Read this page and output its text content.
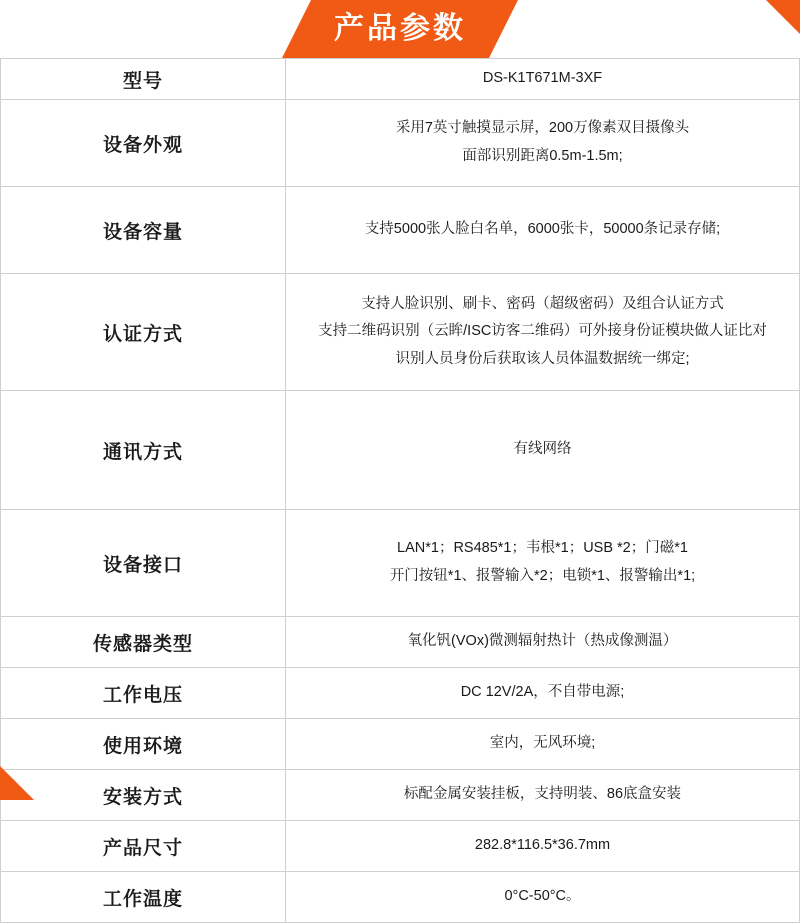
产品参数
型号	DS-K1T671M-3XF

设备外观	采用7英寸触摸显示屏，200万像素双目摄像头
面部识别距离0.5m-1.5m;

设备容量	支持5000张人脸白名单，6000张卡，50000条记录存储;

认证方式	支持人脸识别、刷卡、密码（超级密码）及组合认证方式
支持二维码识别（云眸/ISC访客二维码）可外接身份证模块做人证比对
识别人员身份后获取该人员体温数据统一绑定;

通讯方式	有线网络

设备接口	LAN*1；RS485*1；韦根*1；USB *2；门磁*1
开门按钮*1、报警输入*2；电锁*1、报警输出*1;

传感器类型	氧化钒(VOx)微测辐射热计（热成像测温）

工作电压	DC 12V/2A，不自带电源;

使用环境	室内，无风环境;

安装方式	标配金属安装挂板，支持明装、86底盒安装

产品尺寸	282.8*116.5*36.7mm

工作温度	0°C-50°C。
